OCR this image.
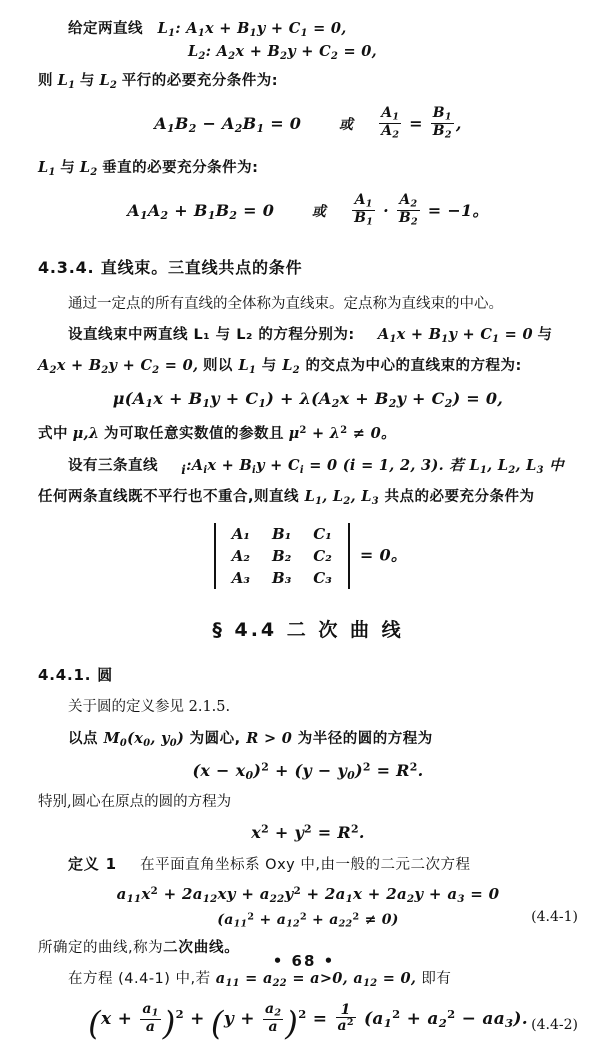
给定两直线 $L_1$: $A_1x + B_1y + C_1 = 0$,
$L_2$: $A_2x + B_2y + C_2 = 0$,
则 $L_1$ 与 $L_2$ 平行的必要充分条件为:
$A_1B_2 - A_2B_1 = 0$  或 $\frac{A_1}{A_2} = \frac{B_1}{B_2}$ ,
$L_1$ 与 $L_2$ 垂直的必要充分条件为:
$A_1A_2 + B_1B_2 = 0$  或 $\frac{A_1}{B_1} \cdot \frac{A_2}{B_2} = -1$。
4.3.4. 直线束。三直线共点的条件
通过一定点的所有直线的全体称为直线束。定点称为直线束的中心。
设直线束中两直线 L₁ 与 L₂ 的方程分别为: $A_1x + B_1y + C_1 = 0$ 与
$A_2x + B_2y + C_2 = 0$, 则以 $L_1$ 与 $L_2$ 的交点为中心的直线束的方程为:
$\mu(A_1x + B_1y + C_1) + \lambda(A_2x + B_2y + C_2) = 0$,
式中 μ,λ 为可取任意实数值的参数且 $\mu^2 + \lambda^2 \ne 0$。
设有三条直线 $_i:A_ix + B_iy + C_i = 0$ (i = 1, 2, 3). 若 $L_1$, $L_2$, $L_3$ 中
任何两条直线既不平行也不重合,则直线 $L_1$, $L_2$, $L_3$ 共点的必要充分条件为
A₁	B₁	C₁
A₂	B₂	C₂
A₃	B₃	C₃
= 0。
§ 4.4 二 次 曲 线
4.4.1. 圆
关于圆的定义参见 2.1.5.
以点 $M_0(x_0$, $y_0$) 为圆心, R > 0 为半径的圆的方程为
$(x - x_0)^2 + (y - y_0)^2 = R^2$.
特别,圆心在原点的圆的方程为
$x^2 + y^2 = R^2$.
定义 1 在平面直角坐标系 Oxy 中,由一般的二元二次方程
$a_{11}x^2 + 2a_{12}xy + a_{22}y^2 + 2a_1x + 2a_2y + a_3 = 0$
$(a_{11}^2 + a_{12}^2 + a_{22}^2 \ne 0)$	(4.4-1)
所确定的曲线,称为二次曲线。
在方程 (4.4-1) 中,若 $a_{11} = a_{22} = a>0$, $a_{12} = 0$, 即有
$(x + \frac{a_1}{a} )^2 + (y + \frac{a_2}{a} )^2 = \frac{1}{a^2} (a_1^2 + a_2^2 - aa_3)$. (4.4-2)
• 68 •
